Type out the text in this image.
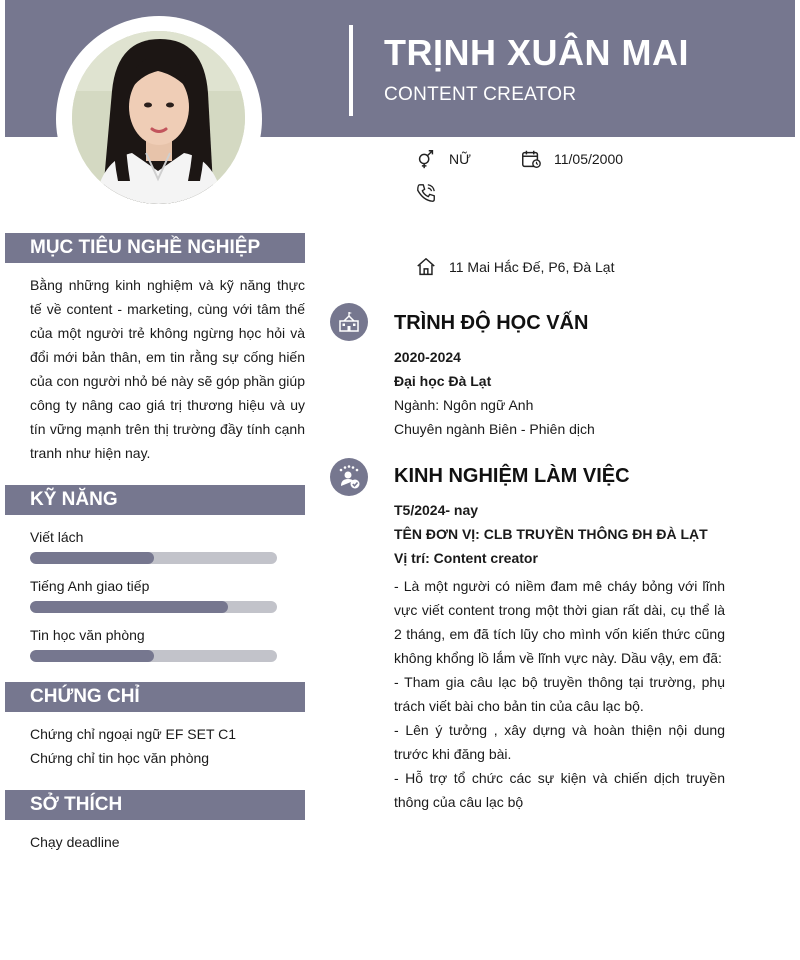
TRỊNH XUÂN MAI
CONTENT CREATOR
NỮ	11/05/2000
11 Mai Hắc Đế, P6, Đà Lạt
MỤC TIÊU NGHỀ NGHIỆP

Bằng những kinh nghiệm và kỹ năng thực tế về content - marketing, cùng với tâm thế của một người trẻ không ngừng học hỏi và đổi mới bản thân, em tin rằng sự cống hiến của con người nhỏ bé này sẽ góp phần giúp công ty nâng cao giá trị thương hiệu và uy tín vững mạnh trên thị trường đầy tính cạnh tranh như hiện nay.

KỸ NĂNG
Viết lách
Tiếng Anh giao tiếp
Tin học văn phòng
CHỨNG CHỈ
Chứng chỉ ngoại ngữ EF SET C1
Chứng chỉ tin học văn phòng
SỞ THÍCH
Chạy deadline
TRÌNH ĐỘ HỌC VẤN
2020-2024
Đại học Đà Lạt
Ngành: Ngôn ngữ Anh
Chuyên ngành Biên - Phiên dịch
KINH NGHIỆM LÀM VIỆC
T5/2024- nay
TÊN ĐƠN VỊ: CLB TRUYỀN THÔNG ĐH ĐÀ LẠT
Vị trí: Content creator

- Là một người có niềm đam mê cháy bỏng với lĩnh vực viết content trong một thời gian rất dài, cụ thể là 2 tháng, em đã tích lũy cho mình vốn kiến thức cũng không khổng lồ lắm về lĩnh vực này. Dầu vậy, em đã:

- Tham gia câu lạc bộ truyền thông tại trường, phụ trách viết bài cho bản tin của câu lạc bộ.

- Lên ý tưởng , xây dựng và hoàn thiện nội dung trước khi đăng bài.

- Hỗ trợ tổ chức các sự kiện và chiến dịch truyền thông của câu lạc bộ
